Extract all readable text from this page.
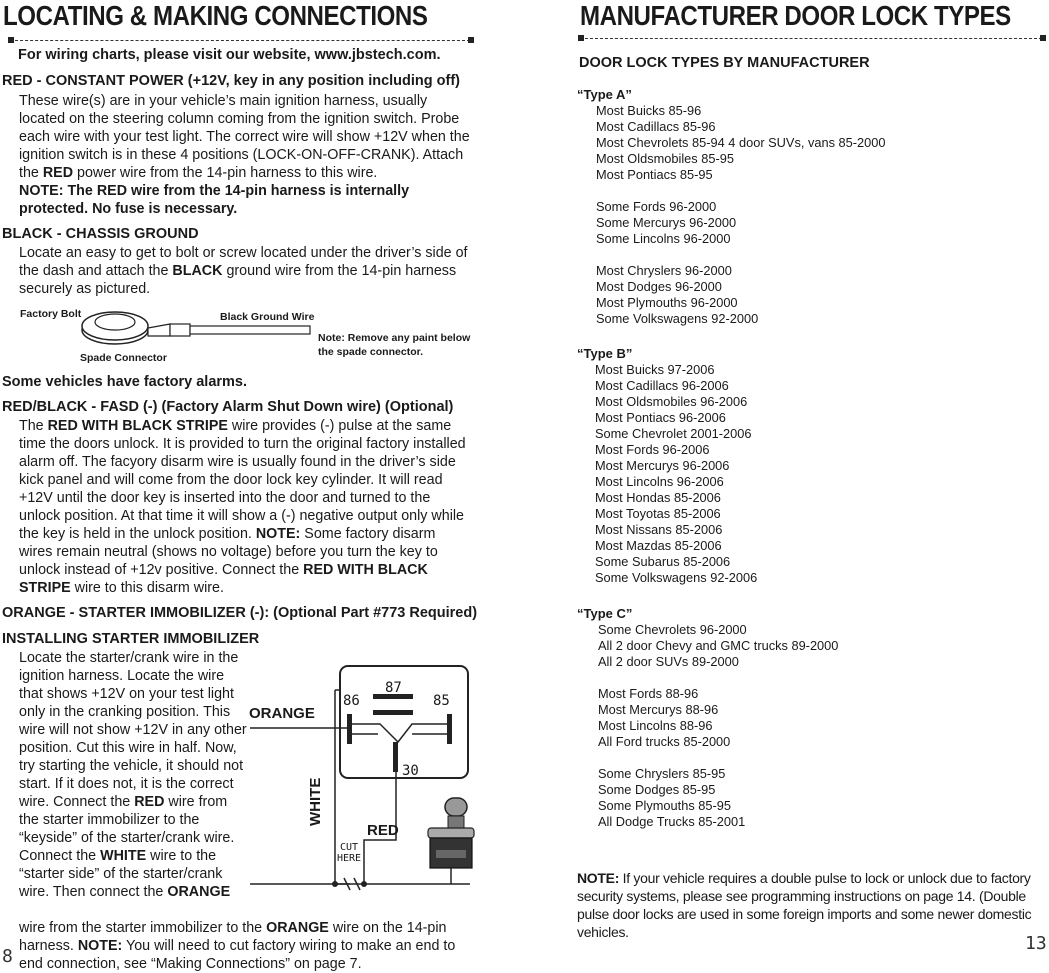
LOCATING & MAKING CONNECTIONS
For wiring charts, please visit our website, www.jbstech.com.
RED - CONSTANT POWER (+12V, key in any position including off)
These wire(s) are in your vehicle’s main ignition harness, usually located on the steering column coming from the ignition switch. Probe each wire with your test light. The correct wire will show +12V when the ignition switch is in these 4 positions (LOCK-ON-OFF-CRANK). Attach the RED power wire from the 14-pin harness to this wire.
NOTE: The RED wire from the 14-pin harness is internally protected. No fuse is necessary.
BLACK - CHASSIS GROUND
Locate an easy to get to bolt or screw located under the driver’s side of the dash and attach the BLACK ground wire from the 14-pin harness securely as pictured.
Factory Bolt	Black Ground Wire
Spade Connector
Note: Remove any paint below the spade connector.
Some vehicles have factory alarms.
RED/BLACK - FASD (-) (Factory Alarm Shut Down wire) (Optional)
The RED WITH BLACK STRIPE wire provides (-) pulse at the same time the doors unlock. It is provided to turn the original factory installed alarm off. The facyory disarm wire is usually found in the driver’s side kick panel and will come from the door lock key cylinder. It will read +12V until the door key is inserted into the door and turned to the unlock position. At that time it will show a (-) negative output only while the key is held in the unlock position. NOTE: Some factory disarm wires remain neutral (shows no voltage) before you turn the key to unlock instead of +12v positive. Connect the RED WITH BLACK STRIPE wire to this disarm wire.
ORANGE - STARTER IMMOBILIZER (-): (Optional Part #773 Required)
INSTALLING STARTER IMMOBILIZER
Locate the starter/crank wire in the ignition harness. Locate the wire that shows +12V on your test light only in the cranking position. This wire will not show +12V in any other position. Cut this wire in half. Now, try starting the vehicle, it should not start. If it does not, it is the correct wire. Connect the RED wire from the starter immobilizer to the “keyside” of the starter/crank wire. Connect the WHITE wire to the “starter side” of the starter/crank wire. Then connect the ORANGE
wire from the starter immobilizer to the ORANGE wire on the 14-pin harness. NOTE: You will need to cut factory wiring to make an end to end connection, see “Making Connections” on page 7.
87
86	85
30
ORANGE
WHITE
RED
CUT HERE
8
MANUFACTURER DOOR LOCK TYPES
DOOR LOCK TYPES BY MANUFACTURER
“Type A”
Most Buicks 85-96
Most Cadillacs 85-96
Most Chevrolets 85-94 4 door SUVs, vans 85-2000
Most Oldsmobiles 85-95
Most Pontiacs 85-95
Some Fords 96-2000
Some Mercurys 96-2000
Some Lincolns 96-2000
Most Chryslers 96-2000
Most Dodges 96-2000
Most Plymouths 96-2000
Some Volkswagens 92-2000
“Type B”
Most Buicks 97-2006
Most Cadillacs 96-2006
Most Oldsmobiles 96-2006
Most Pontiacs 96-2006
Some Chevrolet 2001-2006
Most Fords 96-2006
Most Mercurys 96-2006
Most Lincolns 96-2006
Most Hondas 85-2006
Most Toyotas 85-2006
Most Nissans 85-2006
Most Mazdas 85-2006
Some Subarus 85-2006
Some Volkswagens 92-2006
“Type C”
Some Chevrolets 96-2000
All 2 door Chevy and GMC trucks 89-2000
All 2 door SUVs 89-2000
Most Fords 88-96
Most Mercurys 88-96
Most Lincolns 88-96
All Ford trucks 85-2000
Some Chryslers 85-95
Some Dodges 85-95
Some Plymouths 85-95
All Dodge Trucks 85-2001
NOTE: If your vehicle requires a double pulse to lock or unlock due to factory security systems, please see programming instructions on page 14. (Double pulse door locks are used in some foreign imports and some newer domestic vehicles.
13
